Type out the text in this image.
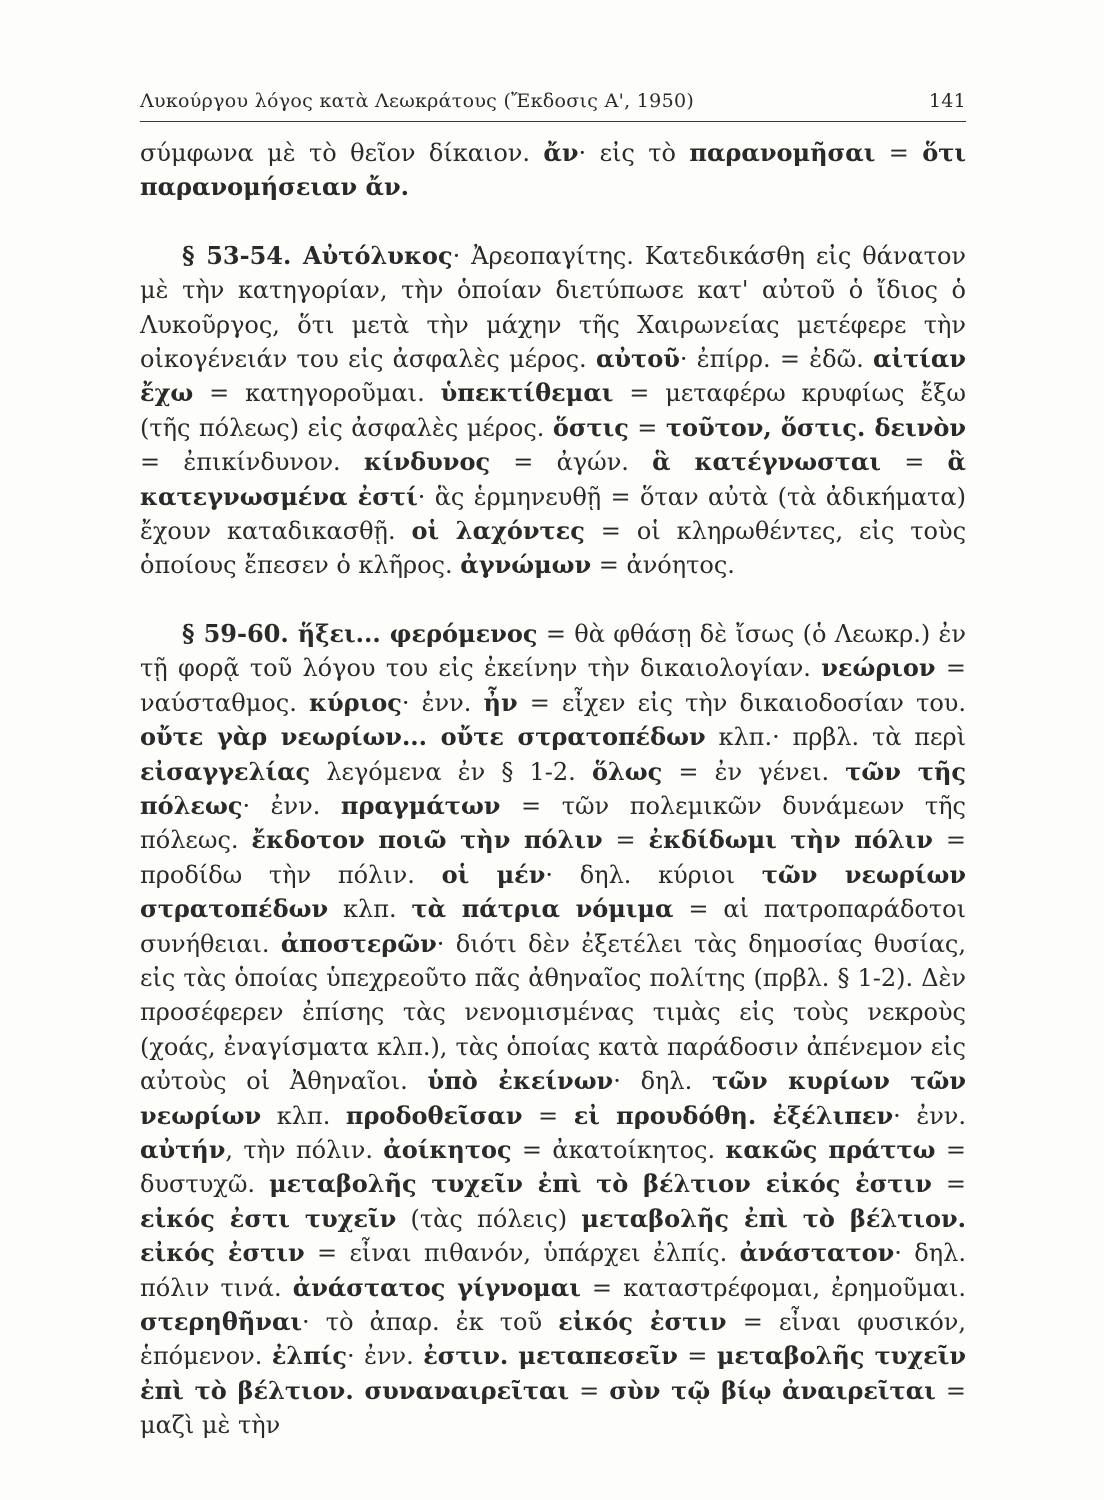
Λυκούργου λόγος κατὰ Λεωκράτους (Ἔκδοσις Α', 1950)	141

σύμφωνα μὲ τὸ θεῖον δίκαιον. ἄν· εἰς τὸ παρανομῆσαι = ὅτι παρανομήσειαν ἄν.

§ 53-54. Αὐτόλυκος· Ἀρεοπαγίτης. Κατεδικάσθη εἰς θάνατον μὲ τὴν κατηγορίαν, τὴν ὁποίαν διετύπωσε κατ' αὐτοῦ ὁ ἴδιος ὁ Λυκοῦργος, ὅτι μετὰ τὴν μάχην τῆς Χαιρωνείας μετέφερε τὴν οἰκογένειάν του εἰς ἀσφαλὲς μέρος. αὐτοῦ· ἐπίρρ. = ἐδῶ. αἰτίαν ἔχω = κατηγοροῦμαι. ὑπεκτίθεμαι = μεταφέρω κρυφίως ἔξω (τῆς πόλεως) εἰς ἀσφαλὲς μέρος. ὅστις = τοῦτον, ὅστις. δεινὸν = ἐπικίνδυνον. κίνδυνος = ἀγών. ἃ κατέγνωσται = ἃ κατεγνωσμένα ἐστί· ἃς ἑρμηνευθῇ = ὅταν αὐτὰ (τὰ ἀδικήματα) ἔχουν καταδικασθῇ. οἱ λαχόντες = οἱ κληρωθέντες, εἰς τοὺς ὁποίους ἔπεσεν ὁ κλῆρος. ἀγνώμων = ἀνόητος.

§ 59-60. ἥξει... φερόμενος = θὰ φθάσῃ δὲ ἴσως (ὁ Λεωκρ.) ἐν τῇ φορᾷ τοῦ λόγου του εἰς ἐκείνην τὴν δικαιολογίαν. νεώριον = ναύσταθμος. κύριος· ἐνν. ἦν = εἶχεν εἰς τὴν δικαιοδοσίαν του. οὔτε γὰρ νεωρίων... οὔτε στρατοπέδων κλπ.· πρβλ. τὰ περὶ εἰσαγγελίας λεγόμενα ἐν § 1-2. ὅλως = ἐν γένει. τῶν τῆς πόλεως· ἐνν. πραγμάτων = τῶν πολεμικῶν δυνάμεων τῆς πόλεως. ἔκδοτον ποιῶ τὴν πόλιν = ἐκδίδωμι τὴν πόλιν = προδίδω τὴν πόλιν. οἱ μέν· δηλ. κύριοι τῶν νεωρίων στρατοπέδων κλπ. τὰ πάτρια νόμιμα = αἱ πατροπαράδοτοι συνήθειαι. ἀποστερῶν· διότι δὲν ἐξετέλει τὰς δημοσίας θυσίας, εἰς τὰς ὁποίας ὑπεχρεοῦτο πᾶς ἀθηναῖος πολίτης (πρβλ. § 1-2). Δὲν προσέφερεν ἐπίσης τὰς νενομισμένας τιμὰς εἰς τοὺς νεκροὺς (χοάς, ἐναγίσματα κλπ.), τὰς ὁποίας κατὰ παράδοσιν ἀπένεμον εἰς αὐτοὺς οἱ Ἀθηναῖοι. ὑπὸ ἐκείνων· δηλ. τῶν κυρίων τῶν νεωρίων κλπ. προδοθεῖσαν = εἰ προυδόθη. ἐξέλιπεν· ἐνν. αὐτήν, τὴν πόλιν. ἀοίκητος = ἀκατοίκητος. κακῶς πράττω = δυστυχῶ. μεταβολῆς τυχεῖν ἐπὶ τὸ βέλτιον εἰκός ἐστιν = εἰκός ἐστι τυχεῖν (τὰς πόλεις) μεταβολῆς ἐπὶ τὸ βέλτιον. εἰκός ἐστιν = εἶναι πιθανόν, ὑπάρχει ἐλπίς. ἀνάστατον· δηλ. πόλιν τινά. ἀνάστατος γίγνομαι = καταστρέφομαι, ἐρημοῦμαι. στερηθῆναι· τὸ ἀπαρ. ἐκ τοῦ εἰκός ἐστιν = εἶναι φυσικόν, ἑπόμενον. ἐλπίς· ἐνν. ἐστιν. μεταπεσεῖν = μεταβολῆς τυχεῖν ἐπὶ τὸ βέλτιον. συναναιρεῖται = σὺν τῷ βίῳ ἀναιρεῖται = μαζὶ μὲ τὴν
